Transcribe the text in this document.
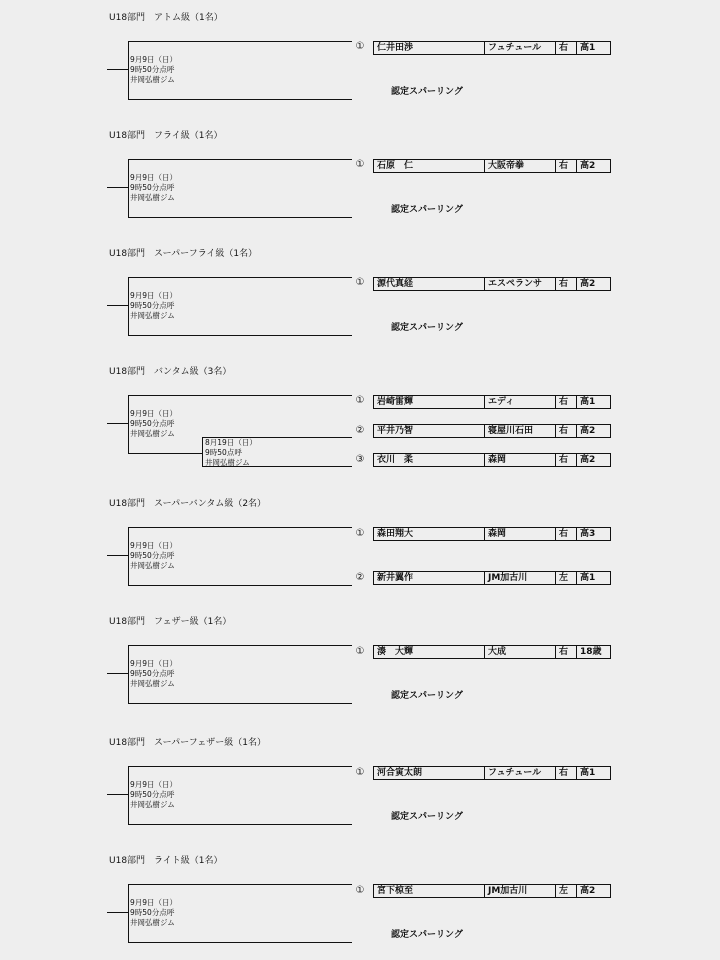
U18部門　アトム級（1名）
9月9日（日）
9時50分点呼
井岡弘樹ジム
①	仁井田渉	フュチュール	右	高1
認定スパーリング
U18部門　フライ級（1名）
9月9日（日）
9時50分点呼
井岡弘樹ジム
①	石原　仁	大阪帝拳	右	高2
認定スパーリング
U18部門　スーパーフライ級（1名）
9月9日（日）
9時50分点呼
井岡弘樹ジム
①	源代真経	エスペランサ	右	高2
認定スパーリング
U18部門　バンタム級（3名）
9月9日（日）
9時50分点呼
井岡弘樹ジム
8月19日（日）
9時50点呼
井岡弘樹ジム
①	岩崎雷輝	エディ	右	高1
②	平井乃智	寝屋川石田	右	高2
③	衣川　柔	森岡	右	高2
U18部門　スーパーバンタム級（2名）
9月9日（日）
9時50分点呼
井岡弘樹ジム
①	森田翔大	森岡	右	高3
②	新井翼作	JM加古川	左	高1
U18部門　フェザー級（1名）
9月9日（日）
9時50分点呼
井岡弘樹ジム
①	湊　大輝	大成	右	18歳
認定スパーリング
U18部門　スーパーフェザー級（1名）
9月9日（日）
9時50分点呼
井岡弘樹ジム
①	河合寅太朗	フュチュール	右	高1
認定スパーリング
U18部門　ライト級（1名）
9月9日（日）
9時50分点呼
井岡弘樹ジム
①	宮下椋至	JM加古川	左	高2
認定スパーリング
